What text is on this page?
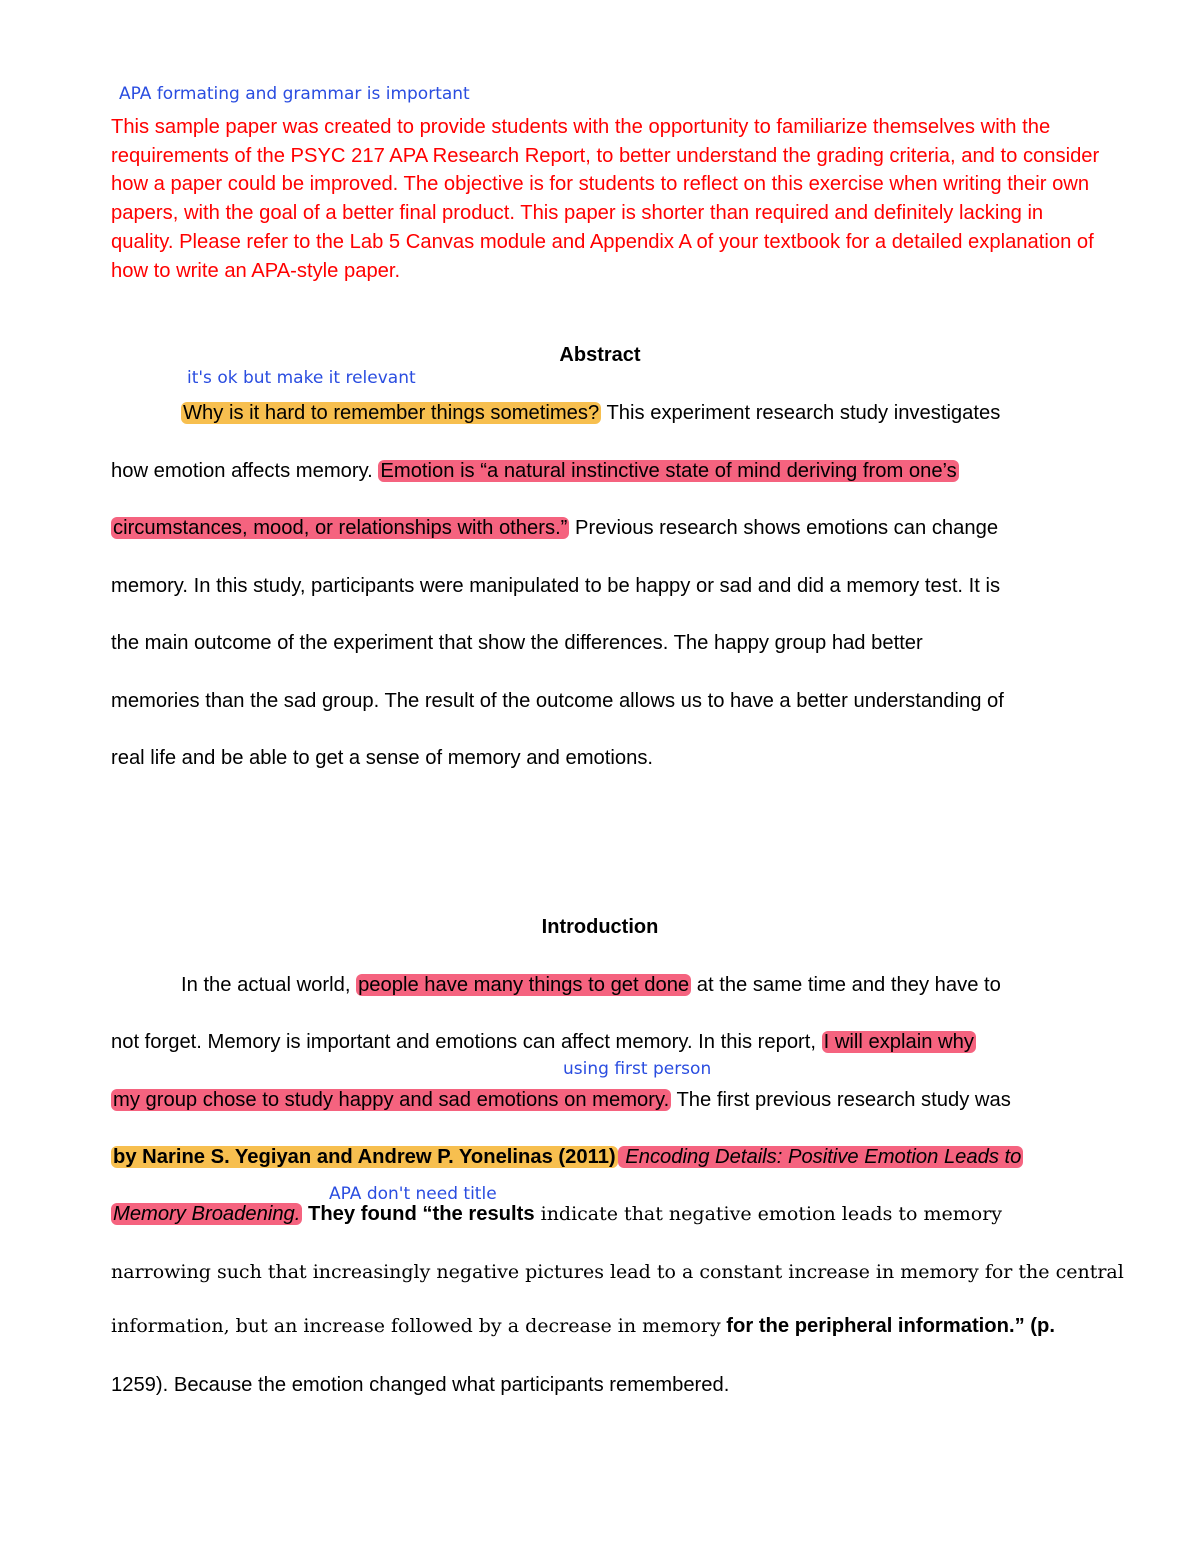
APA formating and grammar is important

This sample paper was created to provide students with the opportunity to familiarize themselves with the requirements of the PSYC 217 APA Research Report, to better understand the grading criteria, and to consider how a paper could be improved. The objective is for students to reflect on this exercise when writing their own papers, with the goal of a better final product. This paper is shorter than required and definitely lacking in quality. Please refer to the Lab 5 Canvas module and Appendix A of your textbook for a detailed explanation of how to write an APA-style paper.

Abstract
it's ok but make it relevant
Why is it hard to remember things sometimes? This experiment research study investigates
how emotion affects memory. Emotion is “a natural instinctive state of mind deriving from one’s
circumstances, mood, or relationships with others.” Previous research shows emotions can change
memory. In this study, participants were manipulated to be happy or sad and did a memory test. It is
the main outcome of the experiment that show the differences. The happy group had better
memories than the sad group. The result of the outcome allows us to have a better understanding of
real life and be able to get a sense of memory and emotions.
Introduction
In the actual world, people have many things to get done at the same time and they have to
not forget. Memory is important and emotions can affect memory. In this report, I will explain why
using first person
my group chose to study happy and sad emotions on memory. The first previous research study was
by Narine S. Yegiyan and Andrew P. Yonelinas (2011) Encoding Details: Positive Emotion Leads to
APA don't need title
Memory Broadening. They found “the results indicate that negative emotion leads to memory
narrowing such that increasingly negative pictures lead to a constant increase in memory for the central
information, but an increase followed by a decrease in memory for the peripheral information.” (p.
1259). Because the emotion changed what participants remembered.
